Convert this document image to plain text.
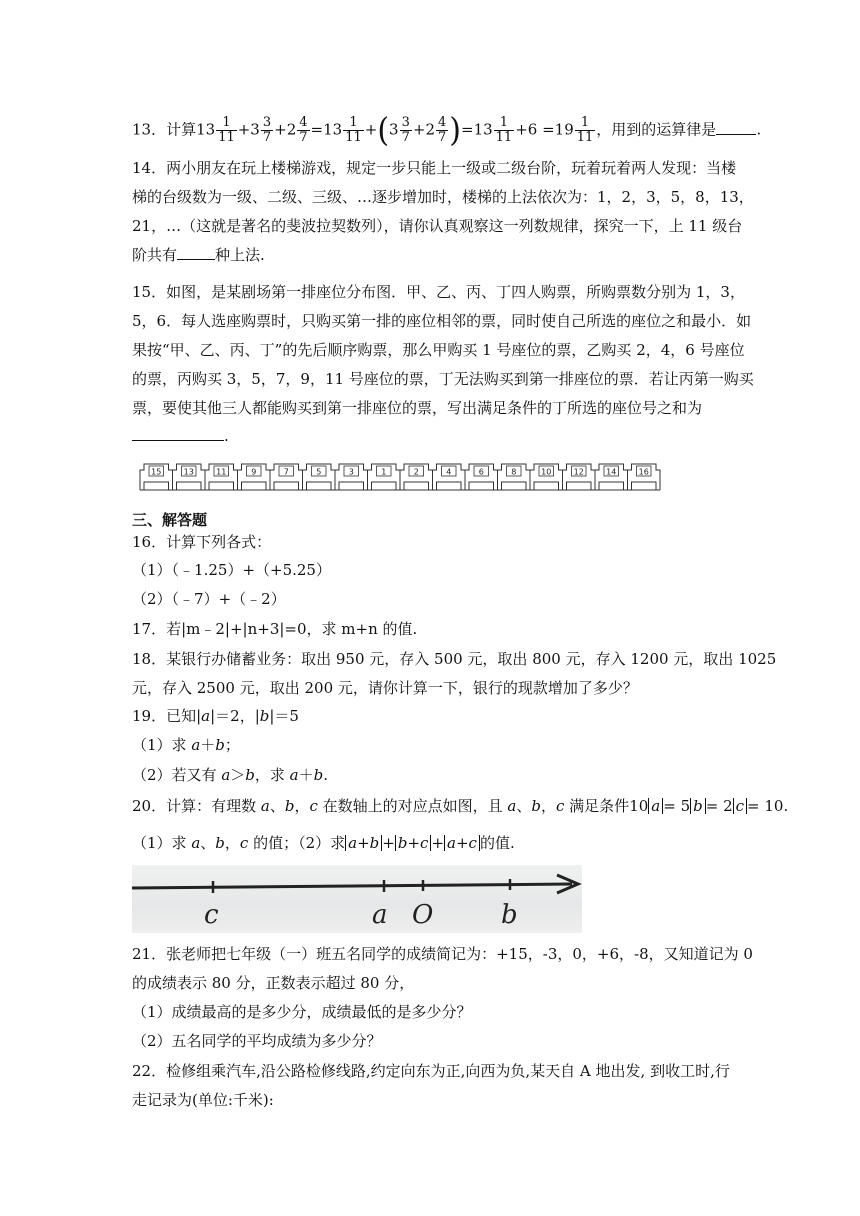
13．计算$13 \frac{1}{11} +3 \frac{3}{7} +2 \frac{4}{7} =13 \frac{1}{11} +(3 \frac{3}{7} +2 \frac{4}{7} )=13 \frac{1}{11} +6 =19 \frac{1}{11}$ ，用到的运算律是	.
14．两小朋友在玩上楼梯游戏，规定一步只能上一级或二级台阶，玩着玩着两人发现：当楼
梯的台级数为一级、二级、三级、…逐步增加时，楼梯的上法依次为：1，2，3，5，8，13，
21，…（这就是著名的斐波拉契数列），请你认真观察这一列数规律，探究一下，上 11 级台
阶共有	种上法.
15．如图，是某剧场第一排座位分布图．甲、乙、丙、丁四人购票，所购票数分别为 1，3，
5，6．每人选座购票时，只购买第一排的座位相邻的票，同时使自己所选的座位之和最小．如
果按“甲、乙、丙、丁”的先后顺序购票，那么甲购买 1 号座位的票，乙购买 2，4，6 号座位
的票，丙购买 3，5，7，9，11 号座位的票，丁无法购买到第一排座位的票．若让丙第一购买
票，要使其他三人都能购买到第一排座位的票，写出满足条件的丁所选的座位号之和为
.
15	13	11	9	7	5	3	1	2	4	6	8	10	12	14	16
三、解答题
16．计算下列各式：
（1）（﹣1.25）+（+5.25）
（2）（﹣7）+（﹣2）
17．若|m﹣2|+|n+3|=0，求 m+n 的值.
18．某银行办储蓄业务：取出 950 元，存入 500 元，取出 800 元，存入 1200 元，取出 1025
元，存入 2500 元，取出 200 元，请你计算一下，银行的现款增加了多少？
19．已知|a|＝2，|b|＝5
（1）求 a＋b；
（2）若又有 a＞b，求 a＋b.
20．计算：有理数 a、b，c 在数轴上的对应点如图，且 a、b，c 满足条件10 a = 5 b = 2 c = 10.
（1）求 a、b，c 的值；（2）求 a+b + b+c + a+c 的值.
c	a O	b
21．张老师把七年级（一）班五名同学的成绩简记为：+15，-3，0，+6，-8，又知道记为 0
的成绩表示 80 分，正数表示超过 80 分，
（1）成绩最高的是多少分，成绩最低的是多少分？
（2）五名同学的平均成绩为多少分？
22．检修组乘汽车,沿公路检修线路,约定向东为正,向西为负,某天自 A 地出发, 到收工时,行
走记录为(单位:千米):
